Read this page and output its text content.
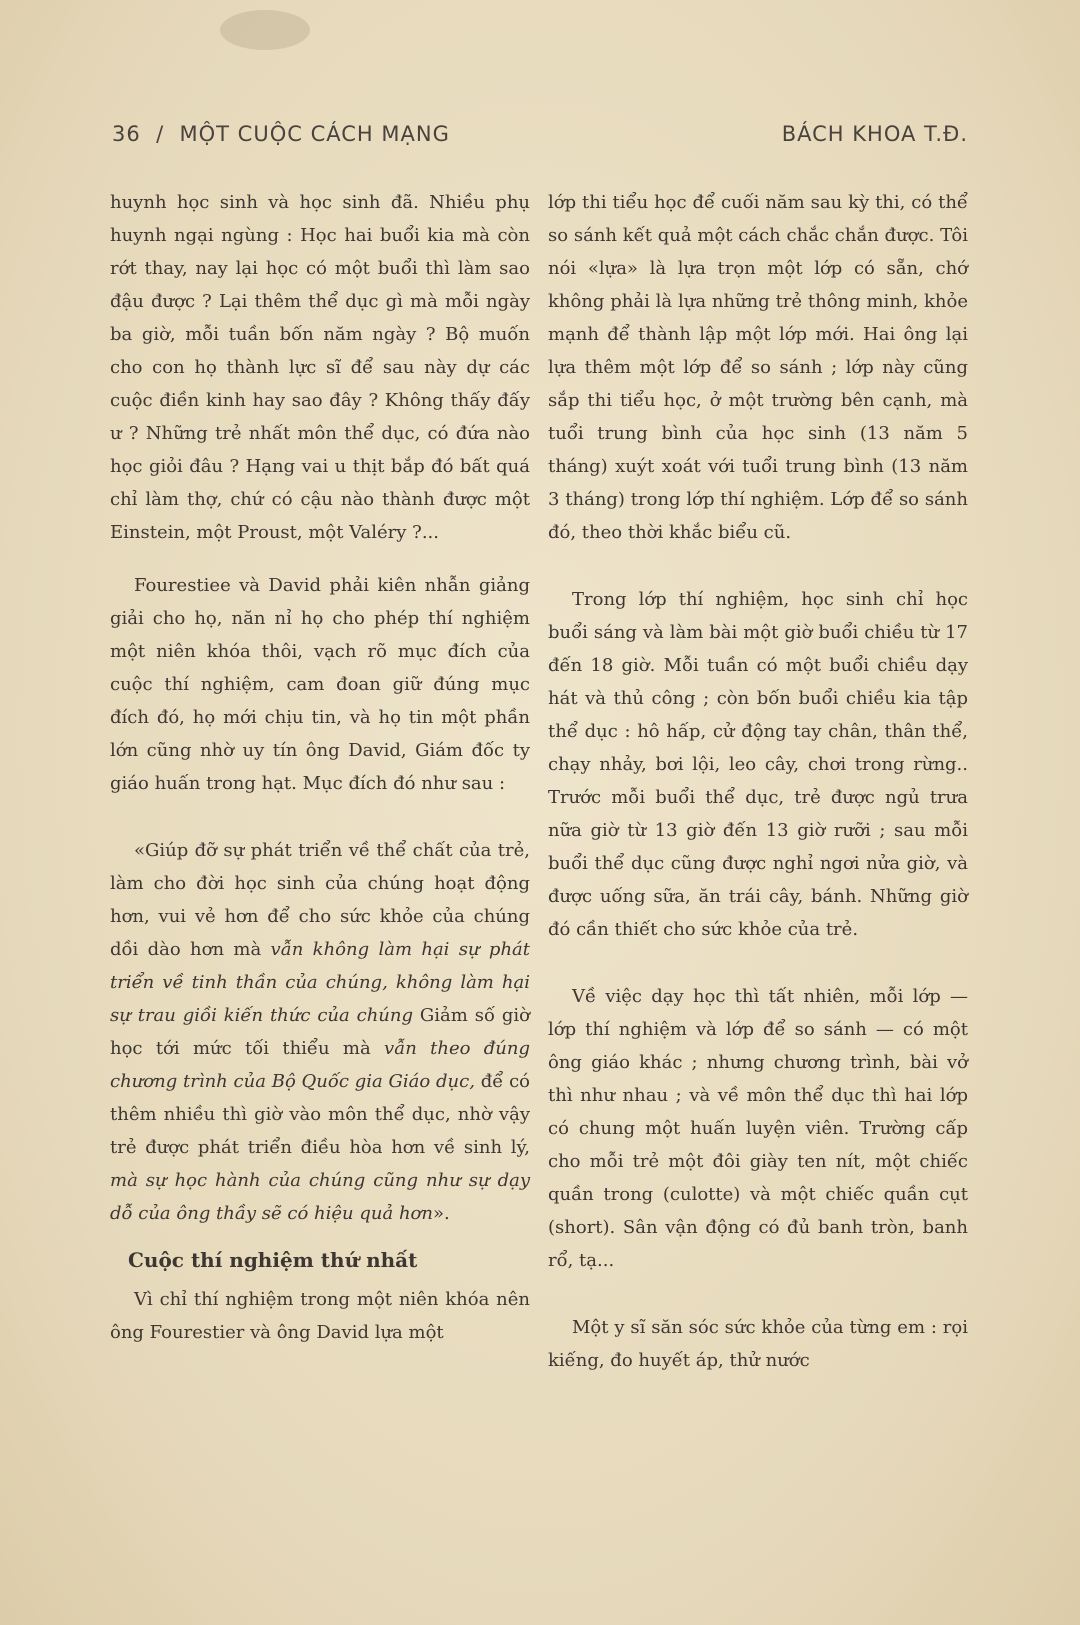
36 / MỘT CUỘC CÁCH MẠNG	BÁCH KHOA T.Đ.

huynh học sinh và học sinh đã. Nhiều phụ huynh ngại ngùng : Học hai buổi kia mà còn rớt thay, nay lại học có một buổi thì làm sao đậu được ? Lại thêm thể dục gì mà mỗi ngày ba giờ, mỗi tuần bốn năm ngày ? Bộ muốn cho con họ thành lực sĩ để sau này dự các cuộc điền kinh hay sao đây ? Không thấy đấy ư ? Những trẻ nhất môn thể dục, có đứa nào học giỏi đâu ? Hạng vai u thịt bắp đó bất quá chỉ làm thợ, chứ có cậu nào thành được một Einstein, một Proust, một Valéry ?...

Fourestiee và David phải kiên nhẫn giảng giải cho họ, năn nỉ họ cho phép thí nghiệm một niên khóa thôi, vạch rõ mục đích của cuộc thí nghiệm, cam đoan giữ đúng mục đích đó, họ mới chịu tin, và họ tin một phần lớn cũng nhờ uy tín ông David, Giám đốc ty giáo huấn trong hạt. Mục đích đó như sau :

«Giúp đỡ sự phát triển về thể chất của trẻ, làm cho đời học sinh của chúng hoạt động hơn, vui vẻ hơn để cho sức khỏe của chúng dồi dào hơn mà vẫn không làm hại sự phát triển về tinh thần của chúng, không làm hại sự trau giồi kiến thức của chúng Giảm số giờ học tới mức tối thiểu mà vẫn theo đúng chương trình của Bộ Quốc gia Giáo dục, để có thêm nhiều thì giờ vào môn thể dục, nhờ vậy trẻ được phát triển điều hòa hơn về sinh lý, mà sự học hành của chúng cũng như sự dạy dỗ của ông thầy sẽ có hiệu quả hơn».

Cuộc thí nghiệm thứ nhất

Vì chỉ thí nghiệm trong một niên khóa nên ông Fourestier và ông David lựa một

lớp thi tiểu học để cuối năm sau kỳ thi, có thể so sánh kết quả một cách chắc chắn được. Tôi nói «lựa» là lựa trọn một lớp có sẵn, chớ không phải là lựa những trẻ thông minh, khỏe mạnh để thành lập một lớp mới. Hai ông lại lựa thêm một lớp để so sánh ; lớp này cũng sắp thi tiểu học, ở một trường bên cạnh, mà tuổi trung bình của học sinh (13 năm 5 tháng) xuýt xoát với tuổi trung bình (13 năm 3 tháng) trong lớp thí nghiệm. Lớp để so sánh đó, theo thời khắc biểu cũ.

Trong lớp thí nghiệm, học sinh chỉ học buổi sáng và làm bài một giờ buổi chiều từ 17 đến 18 giờ. Mỗi tuần có một buổi chiều dạy hát và thủ công ; còn bốn buổi chiều kia tập thể dục : hô hấp, cử động tay chân, thân thể, chạy nhảy, bơi lội, leo cây, chơi trong rừng.. Trước mỗi buổi thể dục, trẻ được ngủ trưa nữa giờ từ 13 giờ đến 13 giờ rưỡi ; sau mỗi buổi thể dục cũng được nghỉ ngơi nửa giờ, và được uống sữa, ăn trái cây, bánh. Những giờ đó cần thiết cho sức khỏe của trẻ.

Về việc dạy học thì tất nhiên, mỗi lớp — lớp thí nghiệm và lớp để so sánh — có một ông giáo khác ; nhưng chương trình, bài vở thì như nhau ; và về môn thể dục thì hai lớp có chung một huấn luyện viên. Trường cấp cho mỗi trẻ một đôi giày ten nít, một chiếc quần trong (culotte) và một chiếc quần cụt (short). Sân vận động có đủ banh tròn, banh rổ, tạ...

Một y sĩ săn sóc sức khỏe của từng em : rọi kiếng, đo huyết áp, thử nước
